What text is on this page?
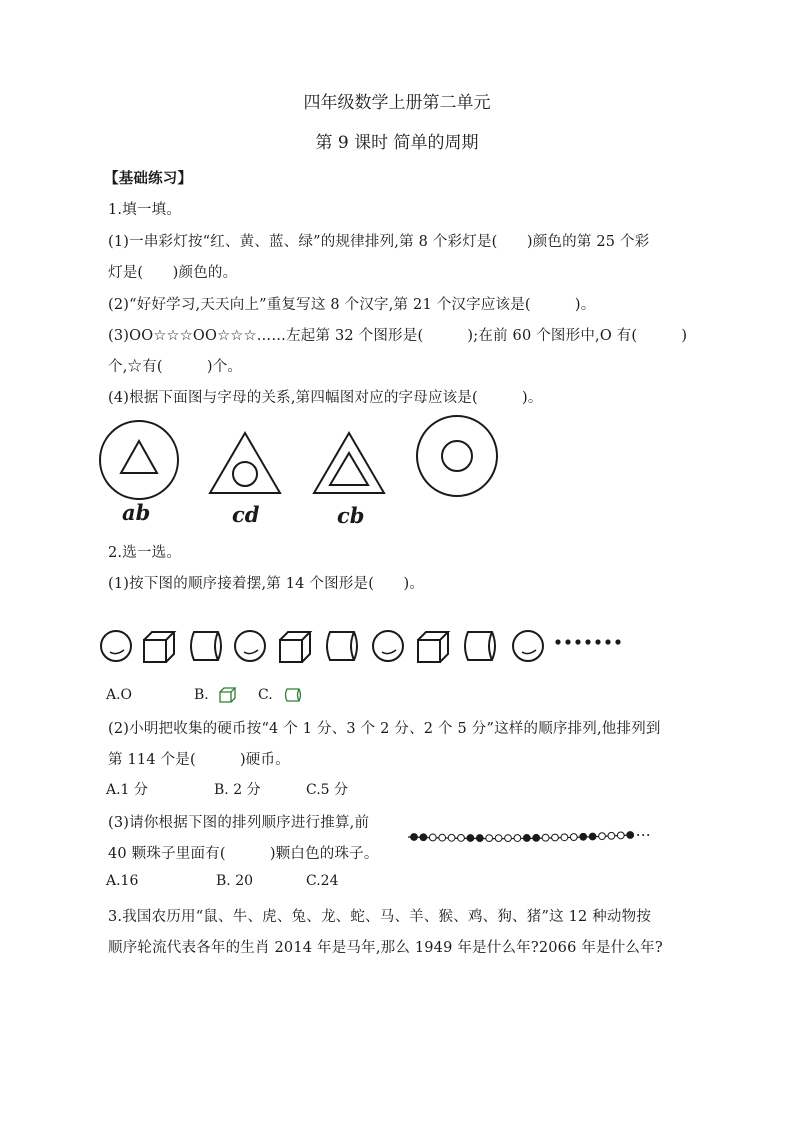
四年级数学上册第二单元
第 9 课时 简单的周期
【基础练习】
1.填一填。
(1)一串彩灯按“红、黄、蓝、绿”的规律排列,第 8 个彩灯是(　　)颜色的第 25 个彩
灯是(　　)颜色的。
(2)“好好学习,天天向上”重复写这 8 个汉字,第 21 个汉字应该是(　　　)。
(3)OO☆☆☆OO☆☆☆……左起第 32 个图形是(　　　);在前 60 个图形中,O 有(　　　)
个,☆有(　　　)个。
(4)根据下面图与字母的关系,第四幅图对应的字母应该是(　　　)。
ab	cd	cb
2.选一选。
(1)按下图的顺序接着摆,第 14 个图形是(　　)。
A.O	B.	C.
(2)小明把收集的硬币按“4 个 1 分、3 个 2 分、2 个 5 分”这样的顺序排列,他排列到
第 114 个是(　　　)硬币。
A.1 分	B. 2 分	C.5 分
(3)请你根据下图的排列顺序进行推算,前
40 颗珠子里面有(　　　)颗白色的珠子。
A.16	B. 20	C.24
3.我国农历用“鼠、牛、虎、兔、龙、蛇、马、羊、猴、鸡、狗、猪”这 12 种动物按
顺序轮流代表各年的生肖 2014 年是马年,那么 1949 年是什么年?2066 年是什么年?
